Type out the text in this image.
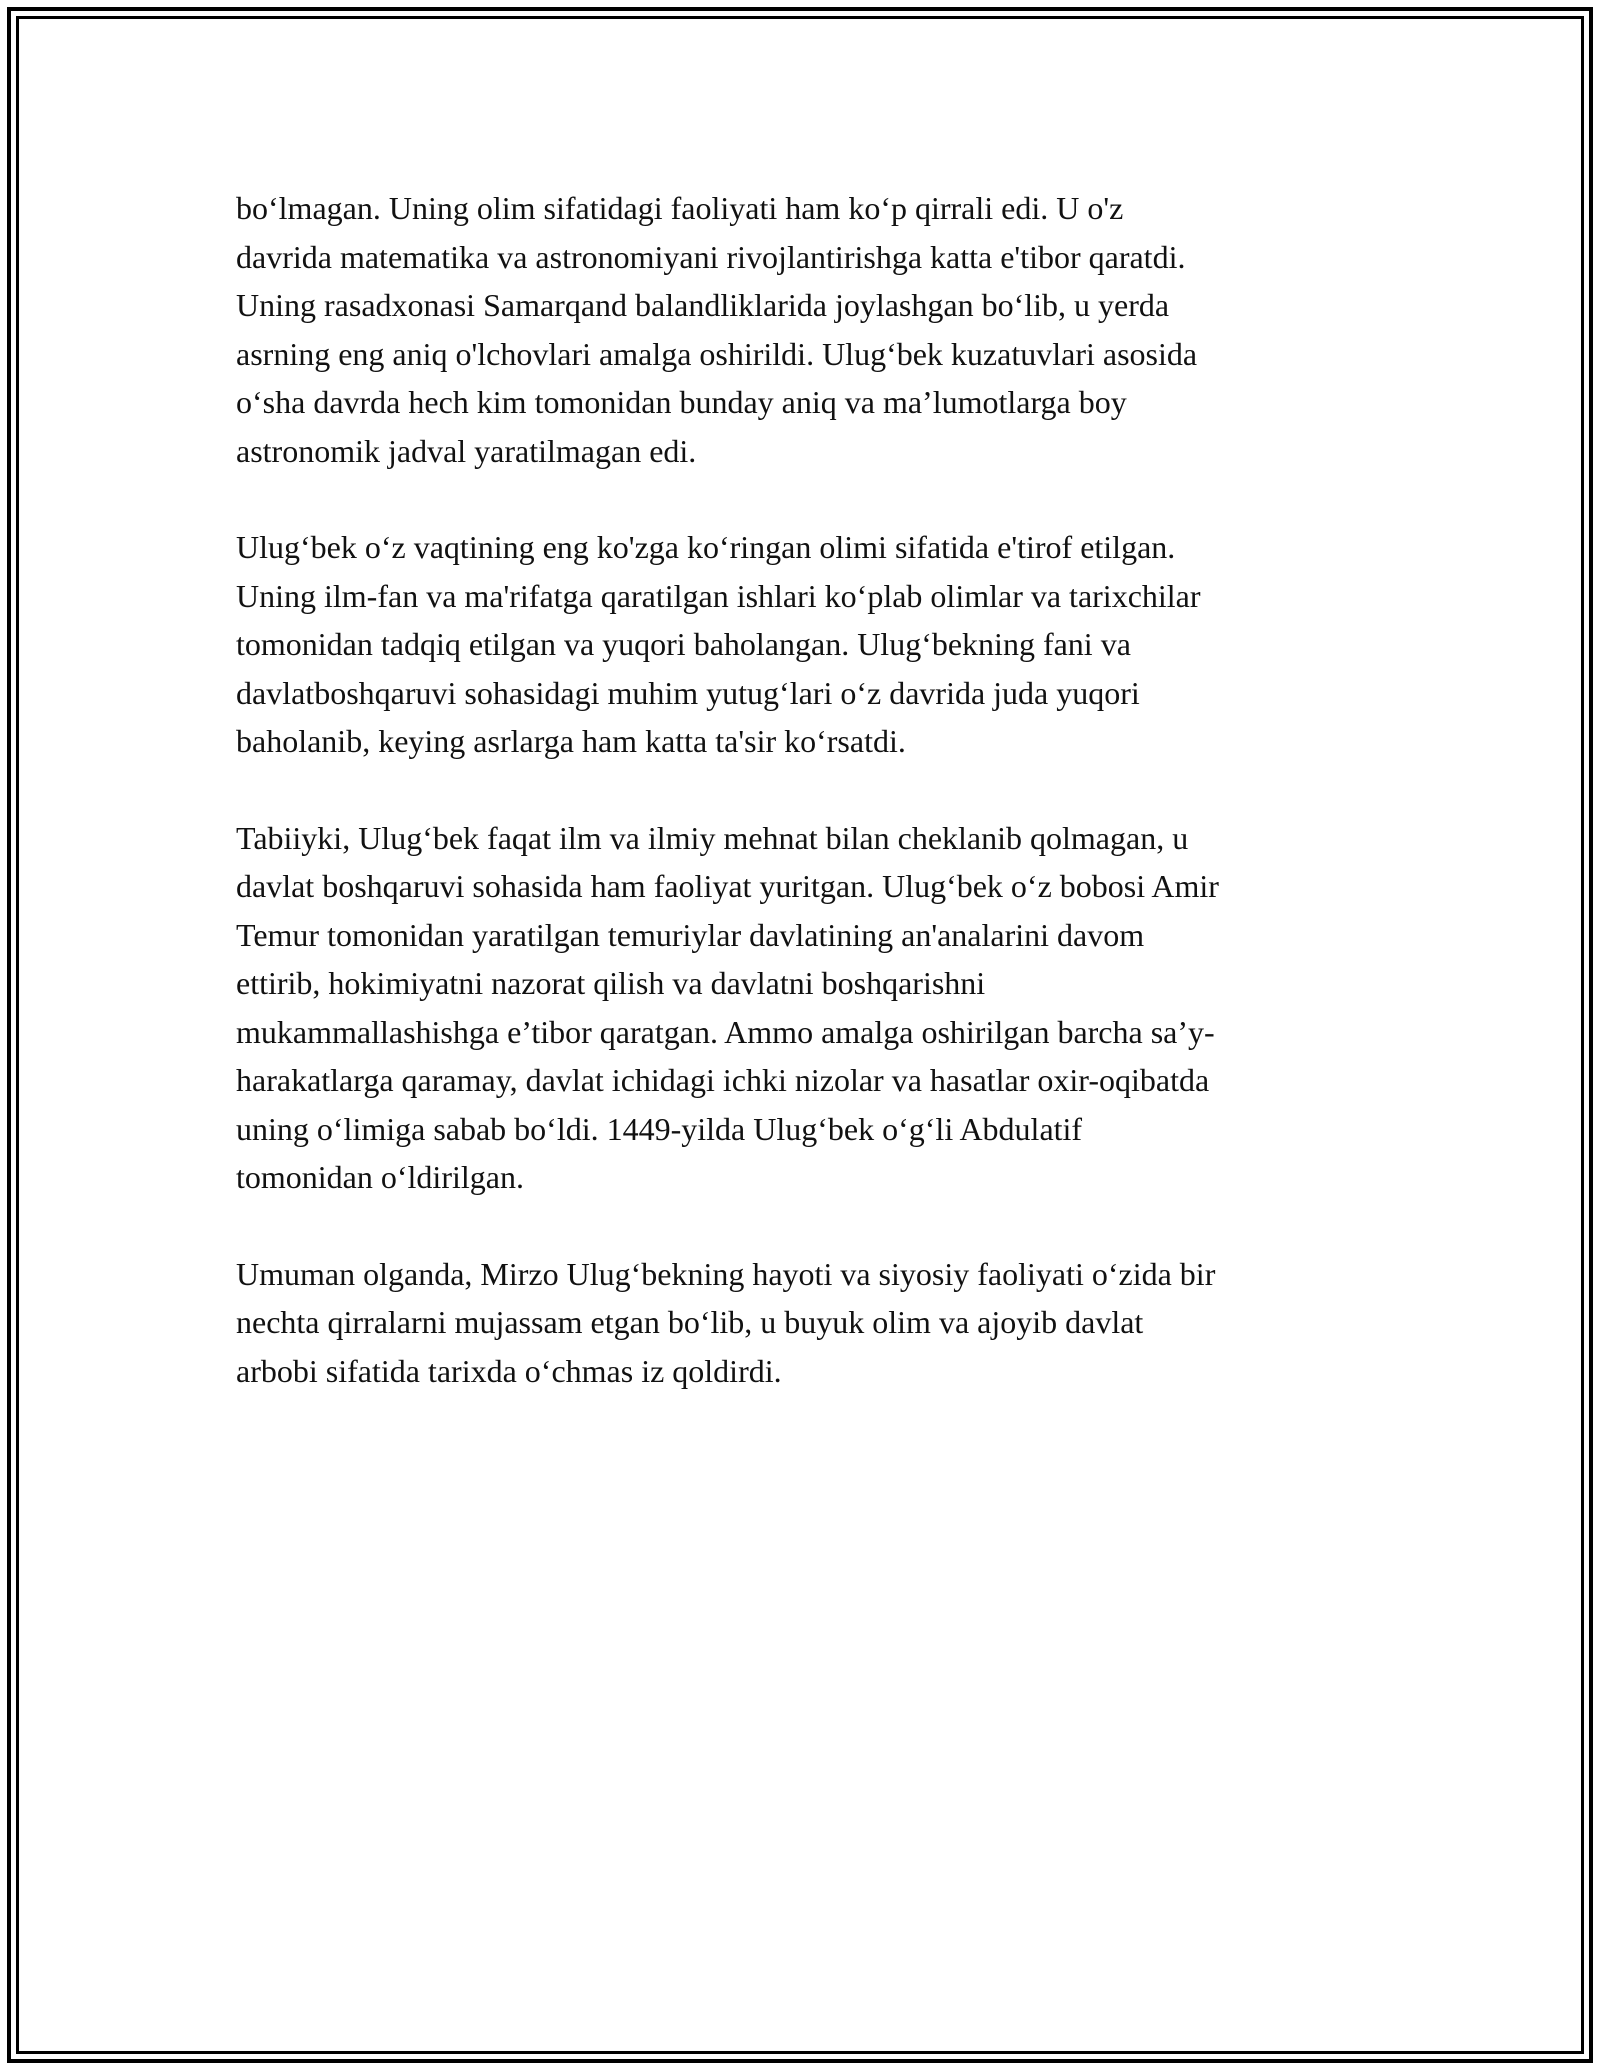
bo‘lmagan. Uning olim sifatidagi faoliyati ham ko‘p qirrali edi. U o'z
davrida matematika va astronomiyani rivojlantirishga katta e'tibor qaratdi.
Uning rasadxonasi Samarqand balandliklarida joylashgan bo‘lib, u yerda
asrning eng aniq o'lchovlari amalga oshirildi. Ulug‘bek kuzatuvlari asosida
o‘sha davrda hech kim tomonidan bunday aniq va ma’lumotlarga boy
astronomik jadval yaratilmagan edi.

Ulug‘bek o‘z vaqtining eng ko'zga ko‘ringan olimi sifatida e'tirof etilgan.
Uning ilm-fan va ma'rifatga qaratilgan ishlari ko‘plab olimlar va tarixchilar
tomonidan tadqiq etilgan va yuqori baholangan. Ulug‘bekning fani va
davlatboshqaruvi sohasidagi muhim yutug‘lari o‘z davrida juda yuqori
baholanib, keying asrlarga ham katta ta'sir ko‘rsatdi.

Tabiiyki, Ulug‘bek faqat ilm va ilmiy mehnat bilan cheklanib qolmagan, u
davlat boshqaruvi sohasida ham faoliyat yuritgan. Ulug‘bek o‘z bobosi Amir
Temur tomonidan yaratilgan temuriylar davlatining an'analarini davom
ettirib, hokimiyatni nazorat qilish va davlatni boshqarishni
mukammallashishga e’tibor qaratgan. Ammo amalga oshirilgan barcha sa’y-
harakatlarga qaramay, davlat ichidagi ichki nizolar va hasatlar oxir-oqibatda
uning o‘limiga sabab bo‘ldi. 1449-yilda Ulug‘bek o‘g‘li Abdulatif
tomonidan o‘ldirilgan.

Umuman olganda, Mirzo Ulug‘bekning hayoti va siyosiy faoliyati o‘zida bir
nechta qirralarni mujassam etgan bo‘lib, u buyuk olim va ajoyib davlat
arbobi sifatida tarixda o‘chmas iz qoldirdi.
